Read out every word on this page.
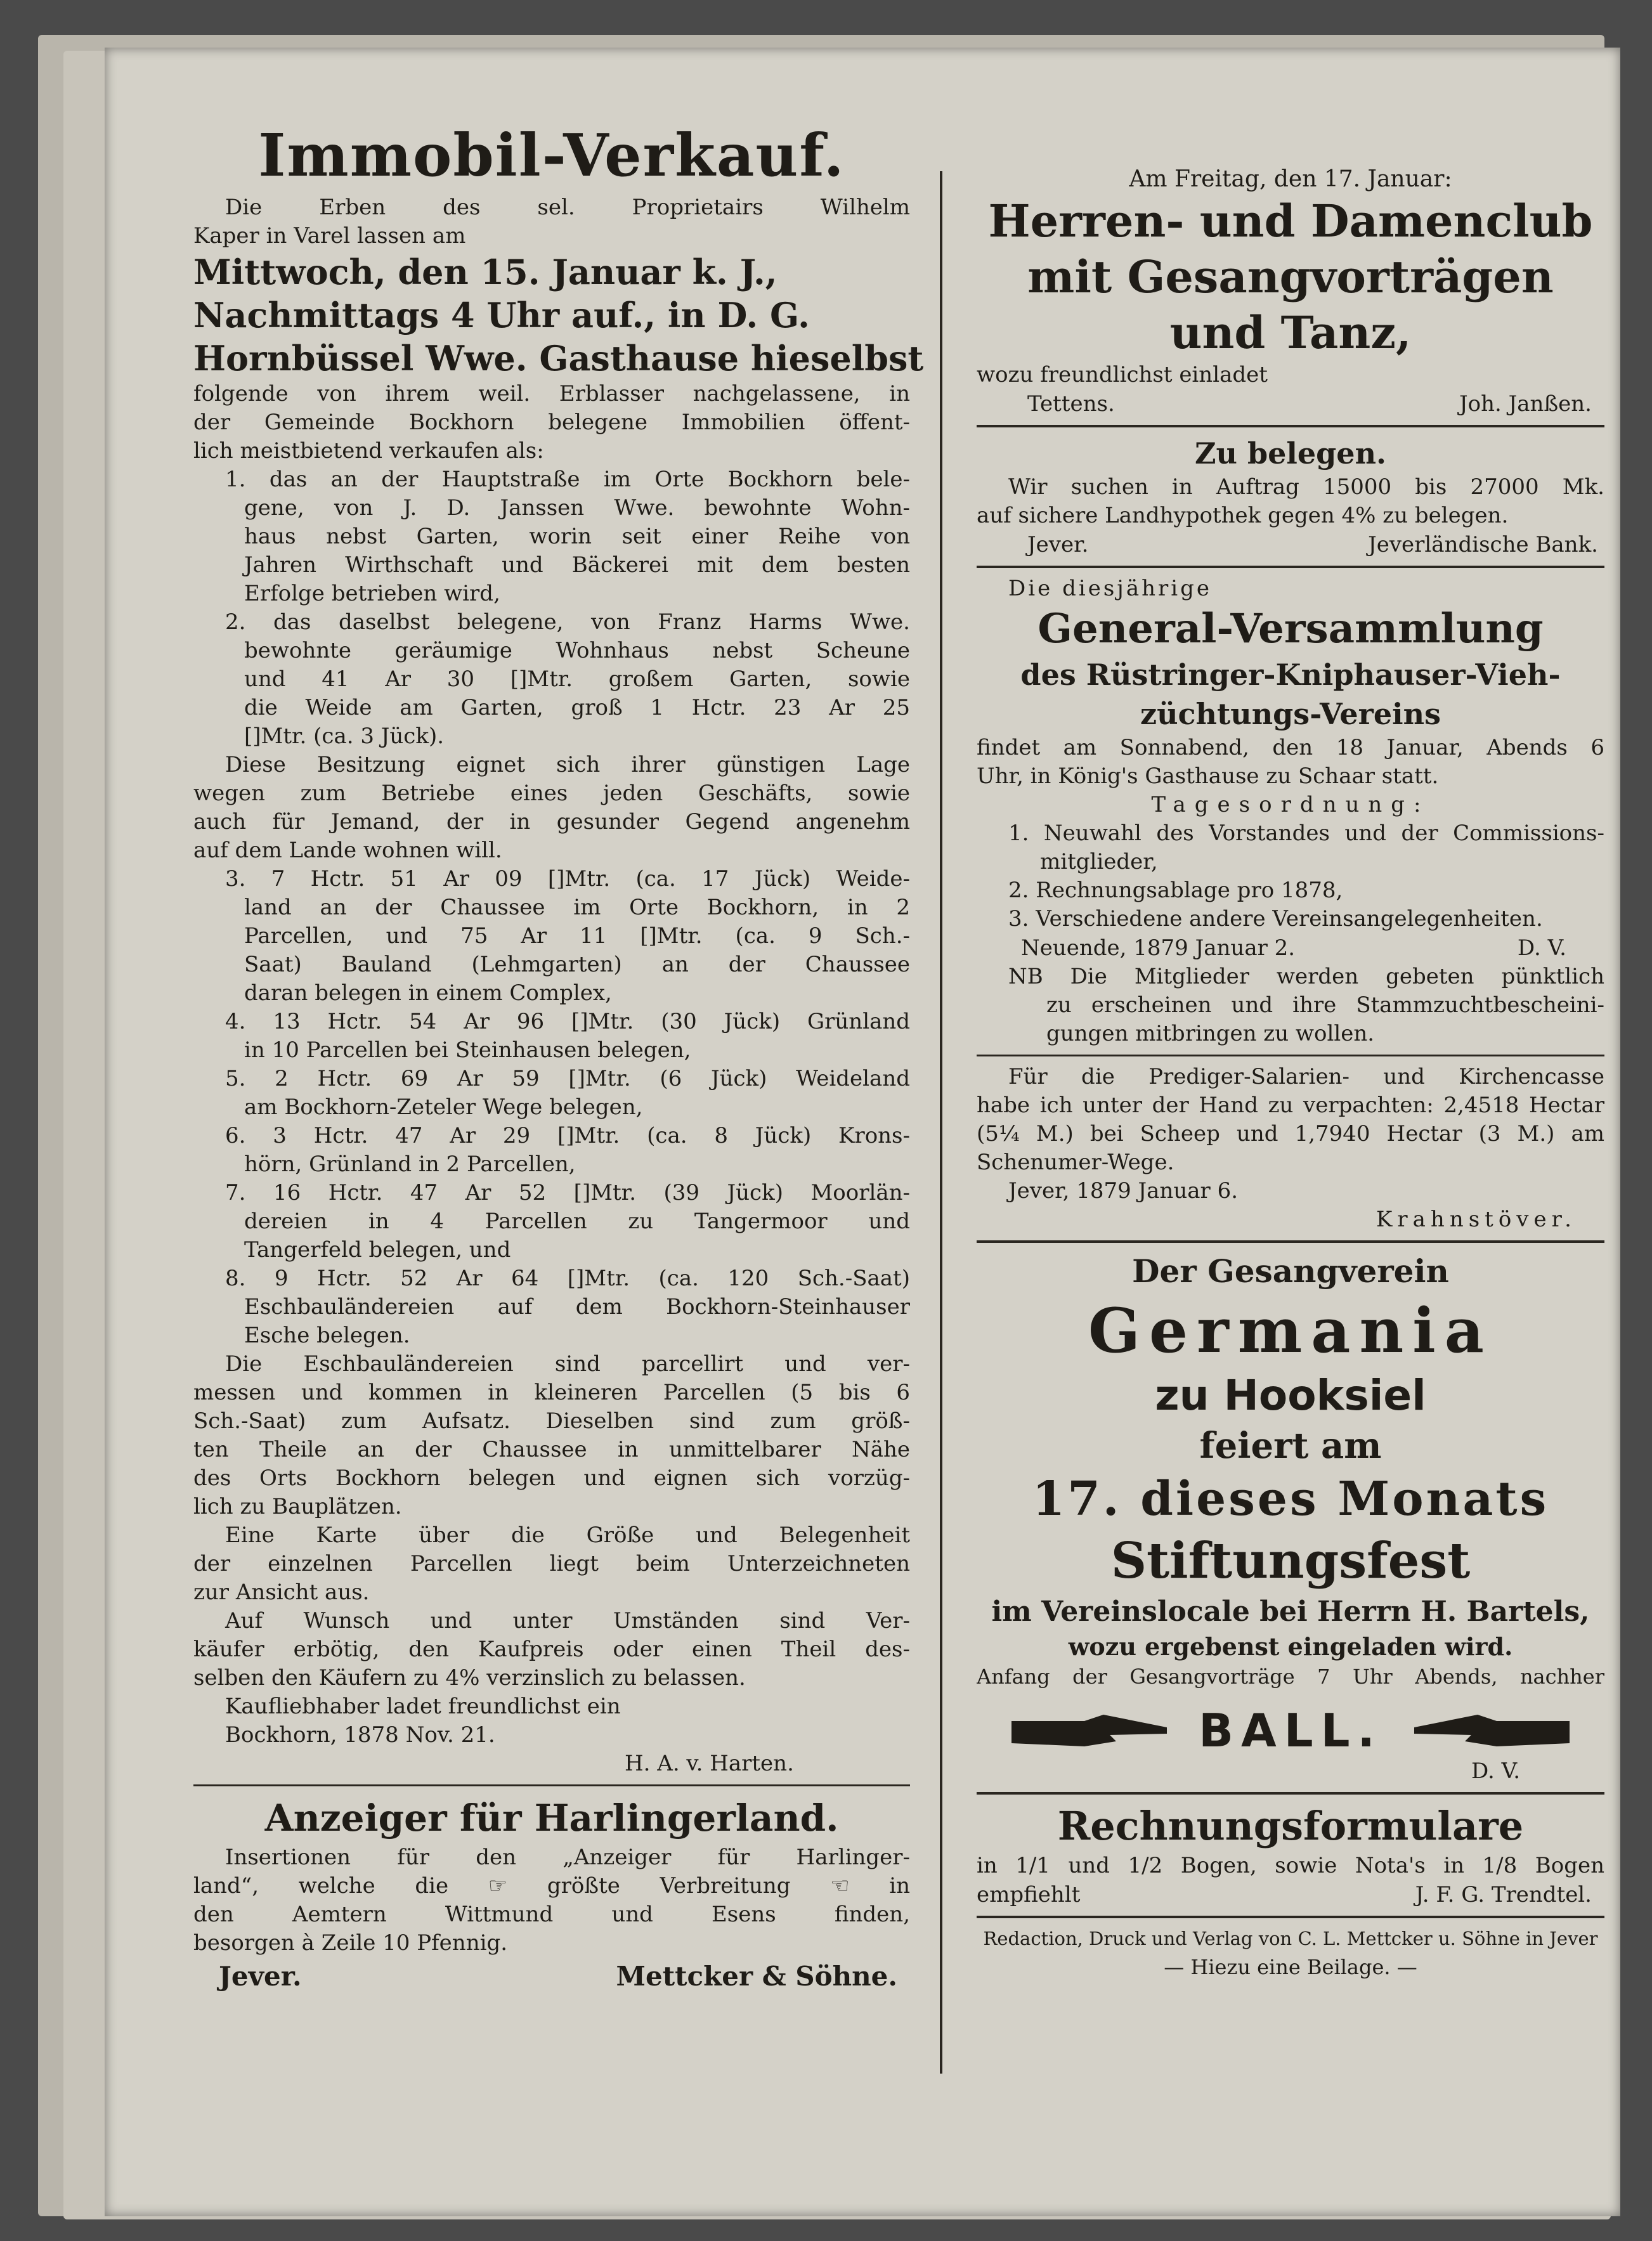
Immobil-Verkauf.
Die Erben des sel. Proprietairs Wilhelm
Kaper in Varel lassen am
Mittwoch, den 15. Januar k. J.,
Nachmittags 4 Uhr auf., in D. G.
Hornbüssel Wwe. Gasthause hieselbst
folgende von ihrem weil. Erblasser nachgelassene, in
der Gemeinde Bockhorn belegene Immobilien öffent-
lich meistbietend verkaufen als:
1. das an der Hauptstraße im Orte Bockhorn bele-
gene, von J. D. Janssen Wwe. bewohnte Wohn-
haus nebst Garten, worin seit einer Reihe von
Jahren Wirthschaft und Bäckerei mit dem besten
Erfolge betrieben wird,
2. das daselbst belegene, von Franz Harms Wwe.
bewohnte geräumige Wohnhaus nebst Scheune
und 41 Ar 30 []Mtr. großem Garten, sowie
die Weide am Garten, groß 1 Hctr. 23 Ar 25
[]Mtr. (ca. 3 Jück).
Diese Besitzung eignet sich ihrer günstigen Lage
wegen zum Betriebe eines jeden Geschäfts, sowie
auch für Jemand, der in gesunder Gegend angenehm
auf dem Lande wohnen will.
3. 7 Hctr. 51 Ar 09 []Mtr. (ca. 17 Jück) Weide-
land an der Chaussee im Orte Bockhorn, in 2
Parcellen, und 75 Ar 11 []Mtr. (ca. 9 Sch.-
Saat) Bauland (Lehmgarten) an der Chaussee
daran belegen in einem Complex,
4. 13 Hctr. 54 Ar 96 []Mtr. (30 Jück) Grünland
in 10 Parcellen bei Steinhausen belegen,
5. 2 Hctr. 69 Ar 59 []Mtr. (6 Jück) Weideland
am Bockhorn-Zeteler Wege belegen,
6. 3 Hctr. 47 Ar 29 []Mtr. (ca. 8 Jück) Krons-
hörn, Grünland in 2 Parcellen,
7. 16 Hctr. 47 Ar 52 []Mtr. (39 Jück) Moorlän-
dereien in 4 Parcellen zu Tangermoor und
Tangerfeld belegen, und
8. 9 Hctr. 52 Ar 64 []Mtr. (ca. 120 Sch.-Saat)
Eschbauländereien auf dem Bockhorn-Steinhauser
Esche belegen.
Die Eschbauländereien sind parcellirt und ver-
messen und kommen in kleineren Parcellen (5 bis 6
Sch.-Saat) zum Aufsatz. Dieselben sind zum größ-
ten Theile an der Chaussee in unmittelbarer Nähe
des Orts Bockhorn belegen und eignen sich vorzüg-
lich zu Bauplätzen.
Eine Karte über die Größe und Belegenheit
der einzelnen Parcellen liegt beim Unterzeichneten
zur Ansicht aus.
Auf Wunsch und unter Umständen sind Ver-
käufer erbötig, den Kaufpreis oder einen Theil des-
selben den Käufern zu 4% verzinslich zu belassen.
Kaufliebhaber ladet freundlichst ein
Bockhorn, 1878 Nov. 21.
H. A. v. Harten.
Anzeiger für Harlingerland.
Insertionen für den „Anzeiger für Harlinger-
land“, welche die ☞ größte Verbreitung ☜ in
den Aemtern Wittmund und Esens finden,
besorgen à Zeile 10 Pfennig.
Jever.	Mettcker & Söhne.
Am Freitag, den 17. Januar:
Herren- und Damenclub
mit Gesangvorträgen
und Tanz,
wozu freundlichst einladet
Tettens.	Joh. Janßen.
Zu belegen.
Wir suchen in Auftrag 15000 bis 27000 Mk.
auf sichere Landhypothek gegen 4% zu belegen.
Jever.	Jeverländische Bank.
Die diesjährige
General-Versammlung
des Rüstringer-Kniphauser-Vieh-
züchtungs-Vereins
findet am Sonnabend, den 18 Januar, Abends 6
Uhr, in König's Gasthause zu Schaar statt.
Tagesordnung:
1. Neuwahl des Vorstandes und der Commissions-
mitglieder,
2. Rechnungsablage pro 1878,
3. Verschiedene andere Vereinsangelegenheiten.
Neuende, 1879 Januar 2.	D. V.
NB Die Mitglieder werden gebeten pünktlich
zu erscheinen und ihre Stammzuchtbescheini-
gungen mitbringen zu wollen.
Für die Prediger-Salarien- und Kirchencasse
habe ich unter der Hand zu verpachten: 2,4518 Hectar
(5¼ M.) bei Scheep und 1,7940 Hectar (3 M.) am
Schenumer-Wege.
Jever, 1879 Januar 6.
Krahnstöver.
Der Gesangverein
Germania
zu Hooksiel
feiert am
17. dieses Monats
Stiftungsfest
im Vereinslocale bei Herrn H. Bartels,
wozu ergebenst eingeladen wird.
Anfang der Gesangvorträge 7 Uhr Abends, nachher
BALL.
D. V.
Rechnungsformulare
in 1/1 und 1/2 Bogen, sowie Nota's in 1/8 Bogen
empfiehlt	J. F. G. Trendtel.
Redaction, Druck und Verlag von C. L. Mettcker u. Söhne in Jever
— Hiezu eine Beilage. —
